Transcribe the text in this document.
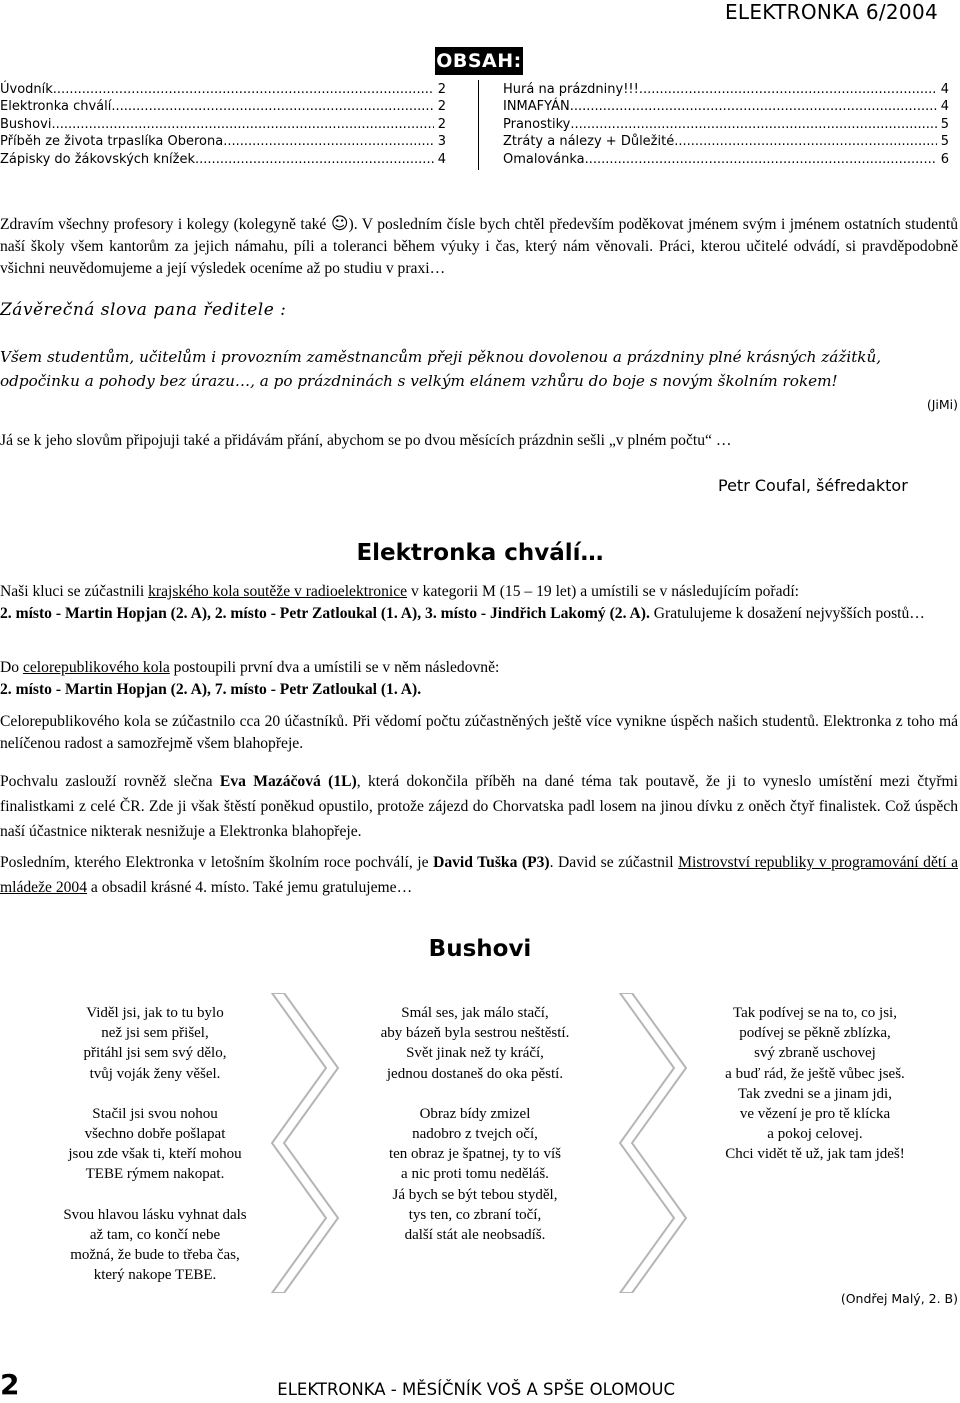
ELEKTRONKA 6/2004
OBSAH:
Úvodník .....	2
Elektronka chválí .....	2
Bushovi .....	2
Příběh ze života trpaslíka Oberona .....	3
Zápisky do žákovských knížek .....	4
Hurá na prázdniny!!! .....	4
INMAFYÁN .....	4
Pranostiky .....	5
Ztráty a nálezy + Důležité .....	5
Omalovánka .....	6
Zdravím všechny profesory i kolegy (kolegyně také ☺). V posledním čísle bych chtěl především poděkovat jménem svým i jménem ostatních studentů naší školy všem kantorům za jejich námahu, píli a toleranci během výuky i čas, který nám věnovali. Práci, kterou učitelé odvádí, si pravděpodobně všichni neuvědomujeme a její výsledek oceníme až po studiu v praxi…
Závěrečná slova pana ředitele :
Všem studentům, učitelům i provozním zaměstnancům přeji pěknou dovolenou a prázdniny plné krásných zážitků, odpočinku a pohody bez úrazu…, a po prázdninách s velkým elánem vzhůru do boje s novým školním rokem!
(JiMi)
Já se k jeho slovům připojuji také a přidávám přání, abychom se po dvou měsících prázdnin sešli „v plném počtu“ …
Petr Coufal, šéfredaktor
Elektronka chválí…
Naši kluci se zúčastnili krajského kola soutěže v radioelektronice v kategorii M (15 – 19 let) a umístili se v následujícím pořadí:
2. místo - Martin Hopjan (2. A), 2. místo - Petr Zatloukal (1. A), 3. místo - Jindřich Lakomý (2. A). Gratulujeme k dosažení nejvyšších postů…
Do celorepublikového kola postoupili první dva a umístili se v něm následovně:
2. místo - Martin Hopjan (2. A), 7. místo - Petr Zatloukal (1. A).
Celorepublikového kola se zúčastnilo cca 20 účastníků. Při vědomí počtu zúčastněných ještě více vynikne úspěch našich studentů. Elektronka z toho má nelíčenou radost a samozřejmě všem blahopřeje.
Pochvalu zaslouží rovněž slečna Eva Mazáčová (1L), která dokončila příběh na dané téma tak poutavě, že ji to vyneslo umístění mezi čtyřmi finalistkami z celé ČR. Zde ji však štěstí poněkud opustilo, protože zájezd do Chorvatska padl losem na jinou dívku z oněch čtyř finalistek. Což úspěch naší účastnice nikterak nesnižuje a Elektronka blahopřeje.
Posledním, kterého Elektronka v letošním školním roce pochválí, je David Tuška (P3). David se zúčastnil Mistrovství republiky v programování dětí a mládeže 2004 a obsadil krásné 4. místo. Také jemu gratulujeme…
Bushovi
Viděl jsi, jak to tu bylo
než jsi sem přišel,
přitáhl jsi sem svý dělo,
tvůj voják ženy věšel.
Stačil jsi svou nohou
všechno dobře pošlapat
jsou zde však ti, kteří mohou
TEBE rýmem nakopat.
Svou hlavou lásku vyhnat dals
až tam, co končí nebe
možná, že bude to třeba čas,
který nakope TEBE.
Smál ses, jak málo stačí,
aby bázeň byla sestrou neštěstí.
Svět jinak než ty kráčí,
jednou dostaneš do oka pěstí.
Obraz bídy zmizel
nadobro z tvejch očí,
ten obraz je špatnej, ty to víš
a nic proti tomu neděláš.
Já bych se být tebou styděl,
tys ten, co zbraní točí,
další stát ale neobsadíš.
Tak podívej se na to, co jsi,
podívej se pěkně zblízka,
svý zbraně uschovej
a buď rád, že ještě vůbec jseš.
Tak zvedni se a jinam jdi,
ve vězení je pro tě klícka
a pokoj celovej.
Chci vidět tě už, jak tam jdeš!
(Ondřej Malý, 2. B)
2	ELEKTRONKA - MĚSÍČNÍK VOŠ A SPŠE OLOMOUC
